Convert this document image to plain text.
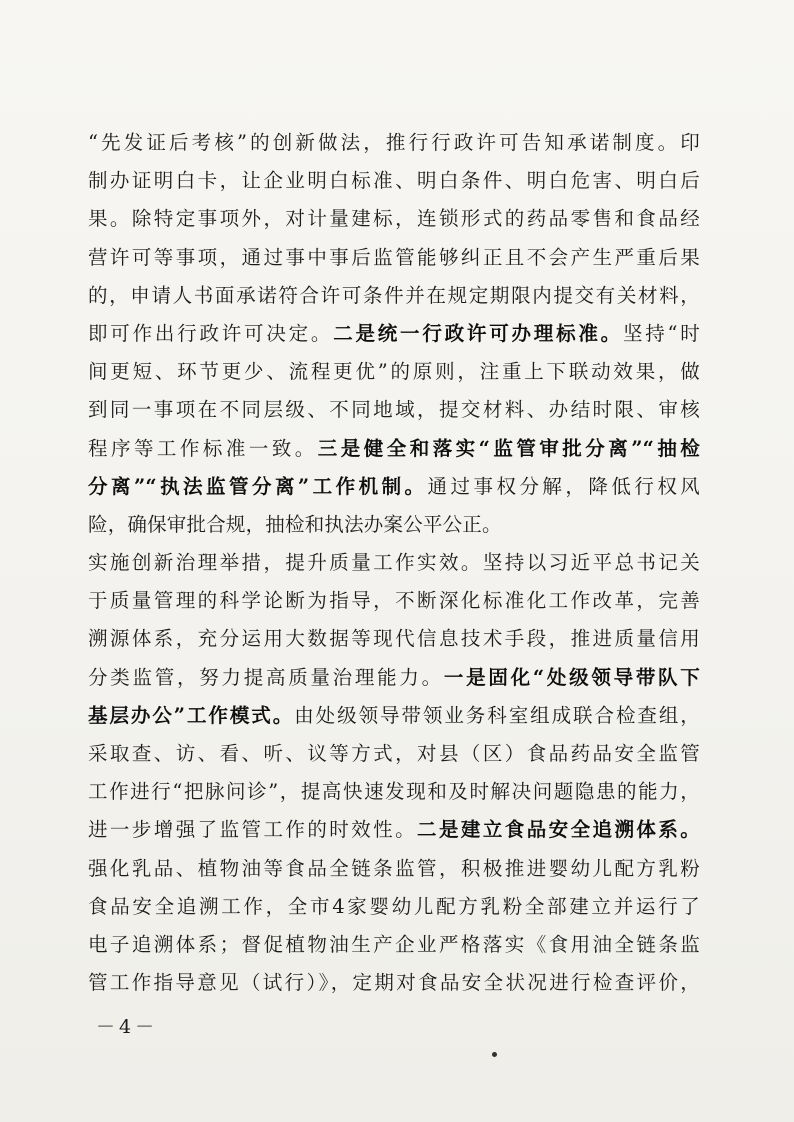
“先发证后考核”的创新做法，推行行政许可告知承诺制度。印
制办证明白卡，让企业明白标准、明白条件、明白危害、明白后
果。除特定事项外，对计量建标，连锁形式的药品零售和食品经
营许可等事项，通过事中事后监管能够纠正且不会产生严重后果
的，申请人书面承诺符合许可条件并在规定期限内提交有关材料，
即可作出行政许可决定。二是统一行政许可办理标准。坚持“时
间更短、环节更少、流程更优”的原则，注重上下联动效果，做
到同一事项在不同层级、不同地域，提交材料、办结时限、审核
程序等工作标准一致。三是健全和落实“监管审批分离”“抽检
分离”“执法监管分离”工作机制。通过事权分解，降低行权风
险，确保审批合规，抽检和执法办案公平公正。
实施创新治理举措，提升质量工作实效。坚持以习近平总书记关
于质量管理的科学论断为指导，不断深化标准化工作改革，完善
溯源体系，充分运用大数据等现代信息技术手段，推进质量信用
分类监管，努力提高质量治理能力。一是固化“处级领导带队下
基层办公”工作模式。由处级领导带领业务科室组成联合检查组，
采取查、访、看、听、议等方式，对县（区）食品药品安全监管
工作进行“把脉问诊”，提高快速发现和及时解决问题隐患的能力，
进一步增强了监管工作的时效性。二是建立食品安全追溯体系。
强化乳品、植物油等食品全链条监管，积极推进婴幼儿配方乳粉
食品安全追溯工作，全市4家婴幼儿配方乳粉全部建立并运行了
电子追溯体系；督促植物油生产企业严格落实《食用油全链条监
管工作指导意见（试行）》，定期对食品安全状况进行检查评价，
－4－
